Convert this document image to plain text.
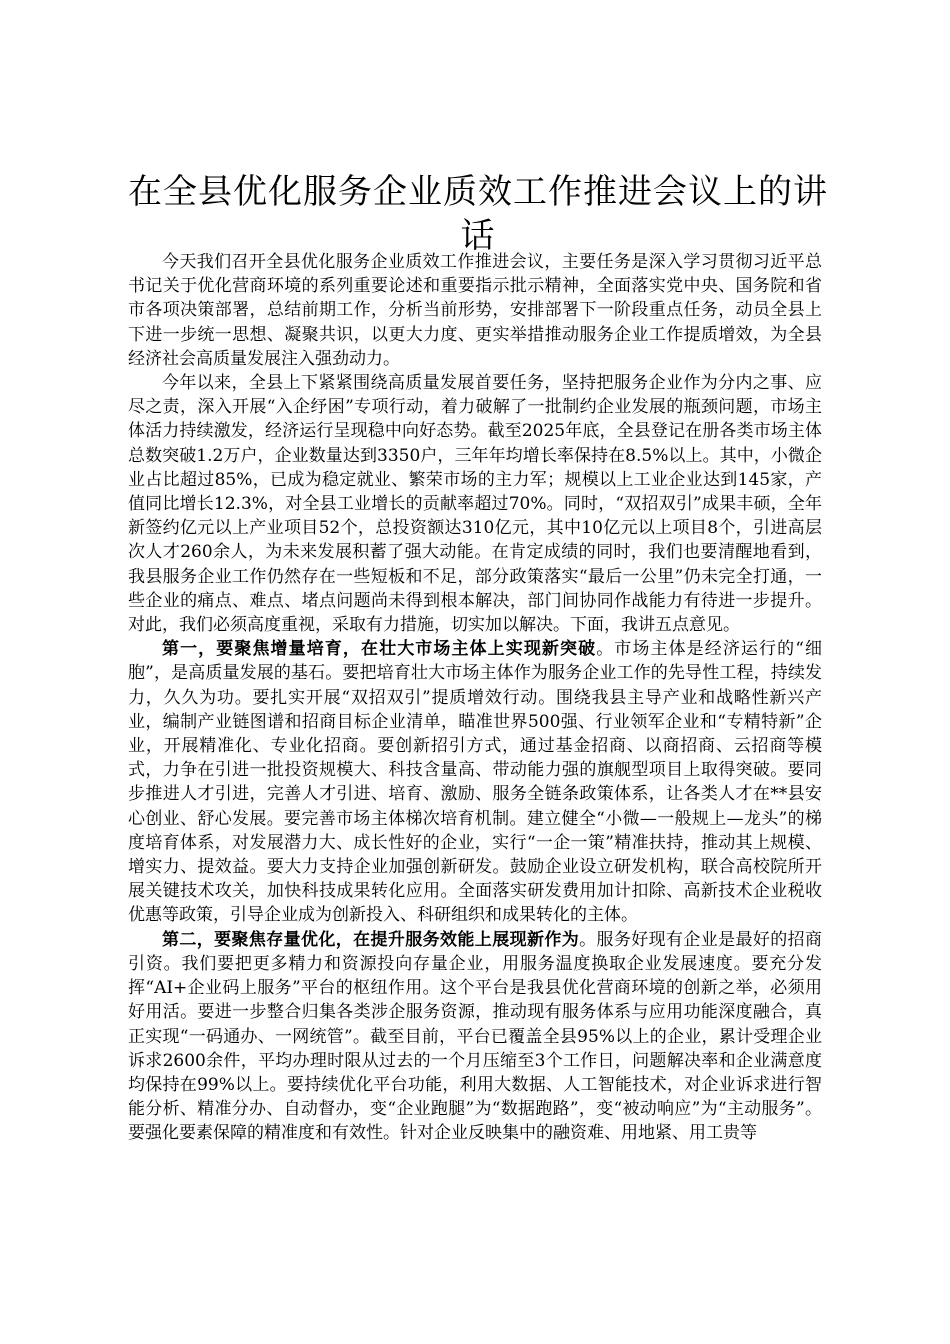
在全县优化服务企业质效工作推进会议上的讲话

今天我们召开全县优化服务企业质效工作推进会议，主要任务是深入学习贯彻习近平总书记关于优化营商环境的系列重要论述和重要指示批示精神，全面落实党中央、国务院和省市各项决策部署，总结前期工作，分析当前形势，安排部署下一阶段重点任务，动员全县上下进一步统一思想、凝聚共识，以更大力度、更实举措推动服务企业工作提质增效，为全县经济社会高质量发展注入强劲动力。

今年以来，全县上下紧紧围绕高质量发展首要任务，坚持把服务企业作为分内之事、应尽之责，深入开展“入企纾困”专项行动，着力破解了一批制约企业发展的瓶颈问题，市场主体活力持续激发，经济运行呈现稳中向好态势。截至2025年底，全县登记在册各类市场主体总数突破1.2万户，企业数量达到3350户，三年年均增长率保持在8.5%以上。其中，小微企业占比超过85%，已成为稳定就业、繁荣市场的主力军；规模以上工业企业达到145家，产值同比增长12.3%，对全县工业增长的贡献率超过70%。同时，“双招双引”成果丰硕，全年新签约亿元以上产业项目52个，总投资额达310亿元，其中10亿元以上项目8个，引进高层次人才260余人，为未来发展积蓄了强大动能。在肯定成绩的同时，我们也要清醒地看到，我县服务企业工作仍然存在一些短板和不足，部分政策落实“最后一公里”仍未完全打通，一些企业的痛点、难点、堵点问题尚未得到根本解决，部门间协同作战能力有待进一步提升。对此，我们必须高度重视，采取有力措施，切实加以解决。下面，我讲五点意见。

第一，要聚焦增量培育，在壮大市场主体上实现新突破。市场主体是经济运行的“细胞”，是高质量发展的基石。要把培育壮大市场主体作为服务企业工作的先导性工程，持续发力，久久为功。要扎实开展“双招双引”提质增效行动。围绕我县主导产业和战略性新兴产业，编制产业链图谱和招商目标企业清单，瞄准世界500强、行业领军企业和“专精特新”企业，开展精准化、专业化招商。要创新招引方式，通过基金招商、以商招商、云招商等模式，力争在引进一批投资规模大、科技含量高、带动能力强的旗舰型项目上取得突破。要同步推进人才引进，完善人才引进、培育、激励、服务全链条政策体系，让各类人才在**县安心创业、舒心发展。要完善市场主体梯次培育机制。建立健全“小微—一般规上—龙头”的梯度培育体系，对发展潜力大、成长性好的企业，实行“一企一策”精准扶持，推动其上规模、增实力、提效益。要大力支持企业加强创新研发。鼓励企业设立研发机构，联合高校院所开展关键技术攻关，加快科技成果转化应用。全面落实研发费用加计扣除、高新技术企业税收优惠等政策，引导企业成为创新投入、科研组织和成果转化的主体。

第二，要聚焦存量优化，在提升服务效能上展现新作为。服务好现有企业是最好的招商引资。我们要把更多精力和资源投向存量企业，用服务温度换取企业发展速度。要充分发挥“AI+企业码上服务”平台的枢纽作用。这个平台是我县优化营商环境的创新之举，必须用好用活。要进一步整合归集各类涉企服务资源，推动现有服务体系与应用功能深度融合，真正实现“一码通办、一网统管”。截至目前，平台已覆盖全县95%以上的企业，累计受理企业诉求2600余件，平均办理时限从过去的一个月压缩至3个工作日，问题解决率和企业满意度均保持在99%以上。要持续优化平台功能，利用大数据、人工智能技术，对企业诉求进行智能分析、精准分办、自动督办，变“企业跑腿”为“数据跑路”，变“被动响应”为“主动服务”。要强化要素保障的精准度和有效性。针对企业反映集中的融资难、用地紧、用工贵等
